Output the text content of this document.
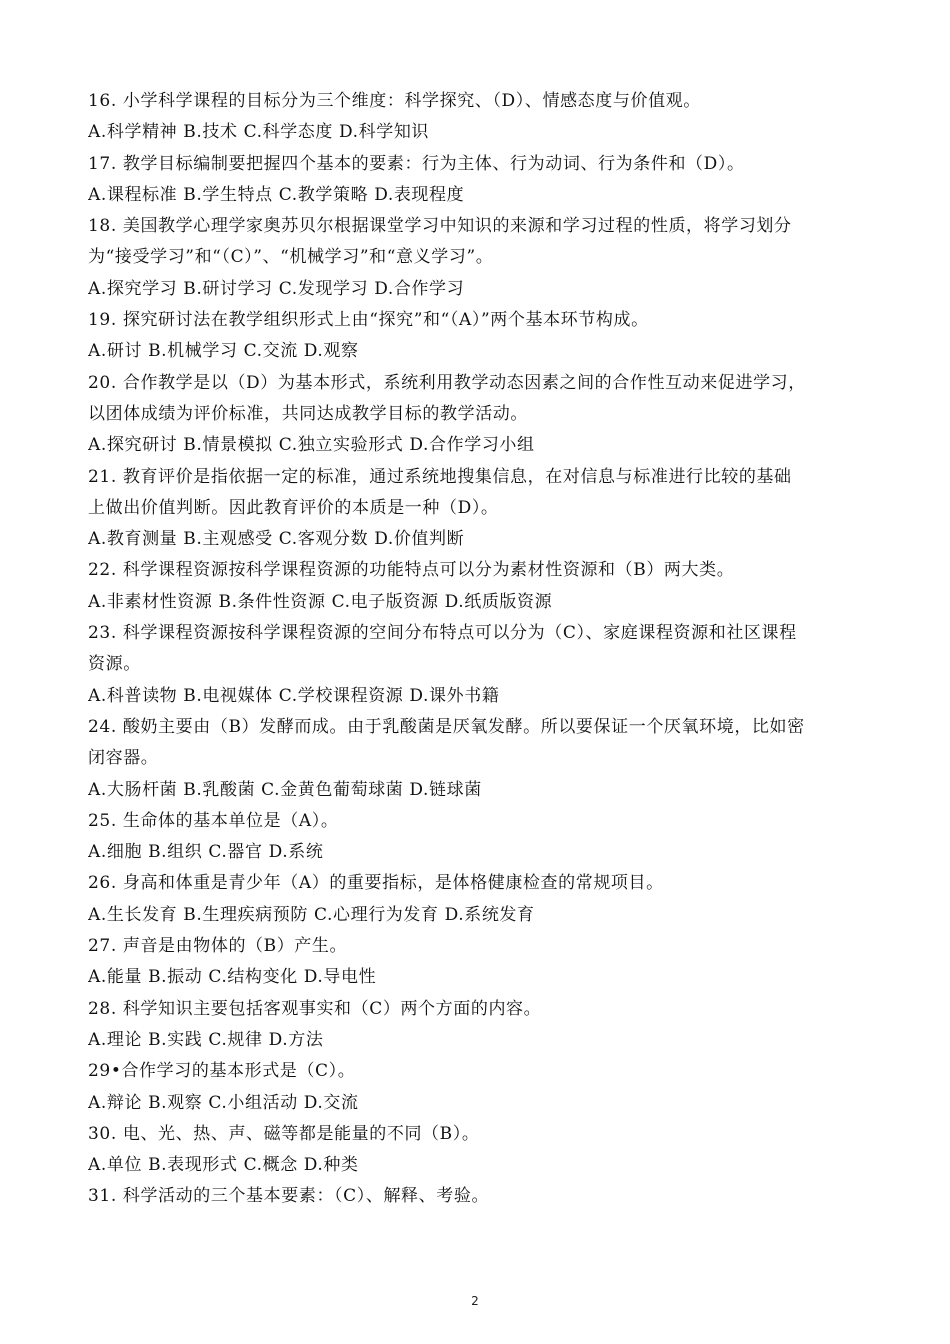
16. 小学科学课程的目标分为三个维度：科学探究、（D）、情感态度与价值观。
A.科学精神 B.技术 C.科学态度 D.科学知识
17. 教学目标编制要把握四个基本的要素：行为主体、行为动词、行为条件和（D）。
A.课程标准 B.学生特点 C.教学策略 D.表现程度
18. 美国教学心理学家奥苏贝尔根据课堂学习中知识的来源和学习过程的性质，将学习划分
为“接受学习”和“（C）”、“机械学习”和“意义学习”。
A.探究学习 B.研讨学习 C.发现学习 D.合作学习
19. 探究研讨法在教学组织形式上由“探究”和“（A）”两个基本环节构成。
A.研讨 B.机械学习 C.交流 D.观察
20. 合作教学是以（D）为基本形式，系统利用教学动态因素之间的合作性互动来促进学习，
以团体成绩为评价标准，共同达成教学目标的教学活动。
A.探究研讨 B.情景模拟 C.独立实验形式 D.合作学习小组
21. 教育评价是指依据一定的标准，通过系统地搜集信息，在对信息与标准进行比较的基础
上做出价值判断。因此教育评价的本质是一种（D）。
A.教育测量 B.主观感受 C.客观分数 D.价值判断
22. 科学课程资源按科学课程资源的功能特点可以分为素材性资源和（B）两大类。
A.非素材性资源 B.条件性资源 C.电子版资源 D.纸质版资源
23. 科学课程资源按科学课程资源的空间分布特点可以分为（C）、家庭课程资源和社区课程
资源。
A.科普读物 B.电视媒体 C.学校课程资源 D.课外书籍
24. 酸奶主要由（B）发酵而成。由于乳酸菌是厌氧发酵。所以要保证一个厌氧环境，比如密
闭容器。
A.大肠杆菌 B.乳酸菌 C.金黄色葡萄球菌 D.链球菌
25. 生命体的基本单位是（A）。
A.细胞 B.组织 C.器官 D.系统
26. 身高和体重是青少年（A）的重要指标，是体格健康检查的常规项目。
A.生长发育 B.生理疾病预防 C.心理行为发育 D.系统发育
27. 声音是由物体的（B）产生。
A.能量 B.振动 C.结构变化 D.导电性
28. 科学知识主要包括客观事实和（C）两个方面的内容。
A.理论 B.实践 C.规律 D.方法
29•合作学习的基本形式是（C）。
A.辩论 B.观察 C.小组活动 D.交流
30. 电、光、热、声、磁等都是能量的不同（B）。
A.单位 B.表现形式 C.概念 D.种类
31. 科学活动的三个基本要素：（C）、解释、考验。
2
